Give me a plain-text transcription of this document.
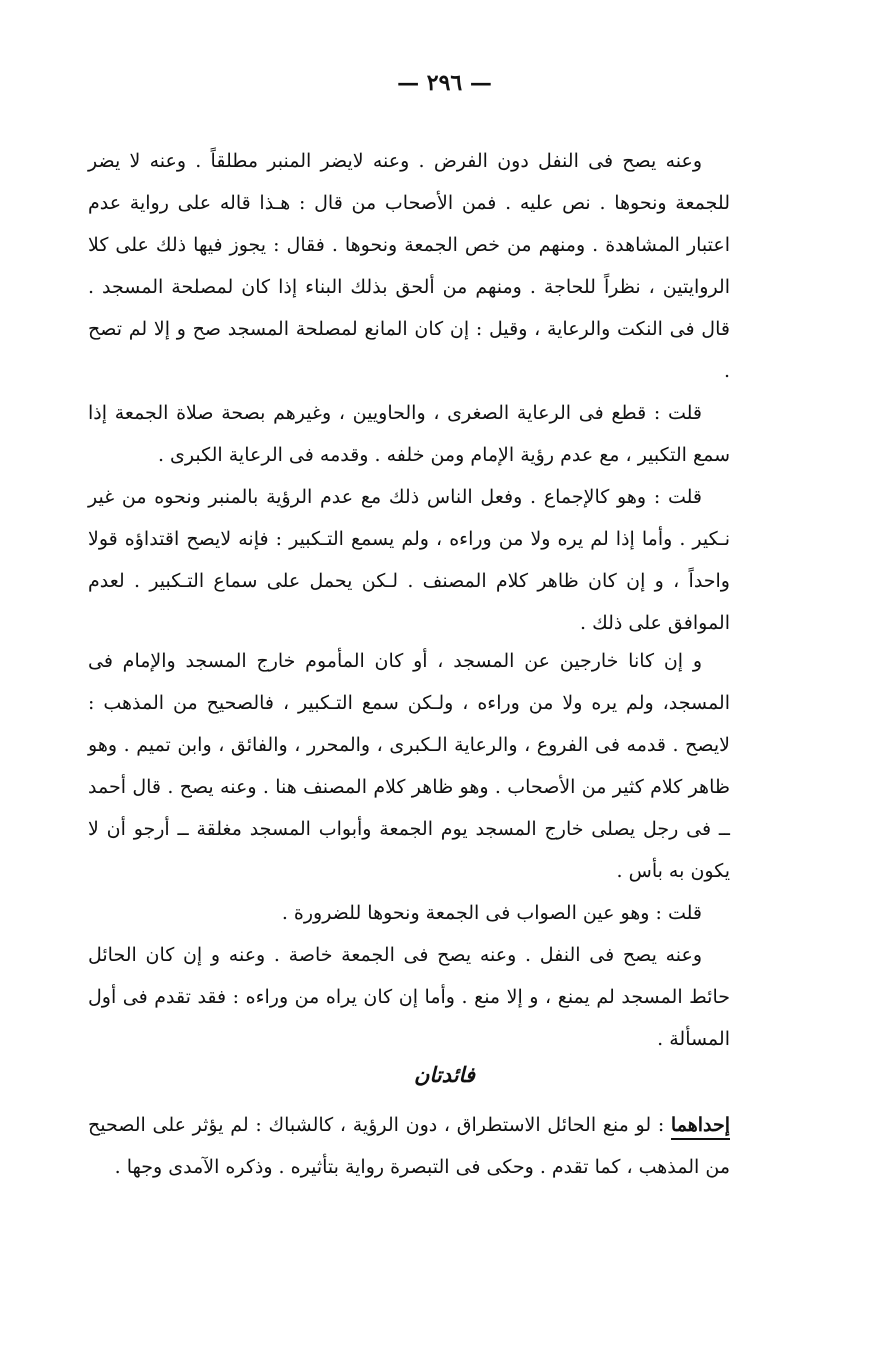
— ٢٩٦ —

وعنه يصح فى النفل دون الفرض . وعنه لايضر المنبر مطلقاً . وعنه لا يضر للجمعة ونحوها . نص عليه . فمن الأصحاب من قال : هـذا قاله على رواية عدم اعتبار المشاهدة . ومنهم من خص الجمعة ونحوها . فقال : يجوز فيها ذلك على كلا الروايتين ، نظراً للحاجة . ومنهم من ألحق بذلك البناء إذا كان لمصلحة المسجد . قال فى النكت والرعاية ، وقيل : إن كان المانع لمصلحة المسجد صح و إلا لم تصح .

قلت : قطع فى الرعاية الصغرى ، والحاويين ، وغيرهم بصحة صلاة الجمعة إذا سمع التكبير ، مع عدم رؤية الإمام ومن خلفه . وقدمه فى الرعاية الكبرى .

قلت : وهو كالإجماع . وفعل الناس ذلك مع عدم الرؤية بالمنبر ونحوه من غير نـكير . وأما إذا لم يره ولا من وراءه ، ولم يسمع التـكبير : فإنه لايصح اقتداؤه قولا واحداً ، و إن كان ظاهر كلام المصنف . لـكن يحمل على سماع التـكبير . لعدم الموافق على ذلك .

و إن كانا خارجين عن المسجد ، أو كان المأموم خارج المسجد والإمام فى المسجد، ولم يره ولا من وراءه ، ولـكن سمع التـكبير ، فالصحيح من المذهب : لايصح . قدمه فى الفروع ، والرعاية الـكبرى ، والمحرر ، والفائق ، وابن تميم . وهو ظاهر كلام كثير من الأصحاب . وهو ظاهر كلام المصنف هنا . وعنه يصح . قال أحمد ــ فى رجل يصلى خارج المسجد يوم الجمعة وأبواب المسجد مغلقة ــ أرجو أن لا يكون به بأس .

قلت : وهو عين الصواب فى الجمعة ونحوها للضرورة .

وعنه يصح فى النفل . وعنه يصح فى الجمعة خاصة . وعنه و إن كان الحائل حائط المسجد لم يمنع ، و إلا منع . وأما إن كان يراه من وراءه : فقد تقدم فى أول المسألة .

فائدتان

إحداهما : لو منع الحائل الاستطراق ، دون الرؤية ، كالشباك : لم يؤثر على الصحيح من المذهب ، كما تقدم . وحكى فى التبصرة رواية بتأثيره . وذكره الآمدى وجها .
